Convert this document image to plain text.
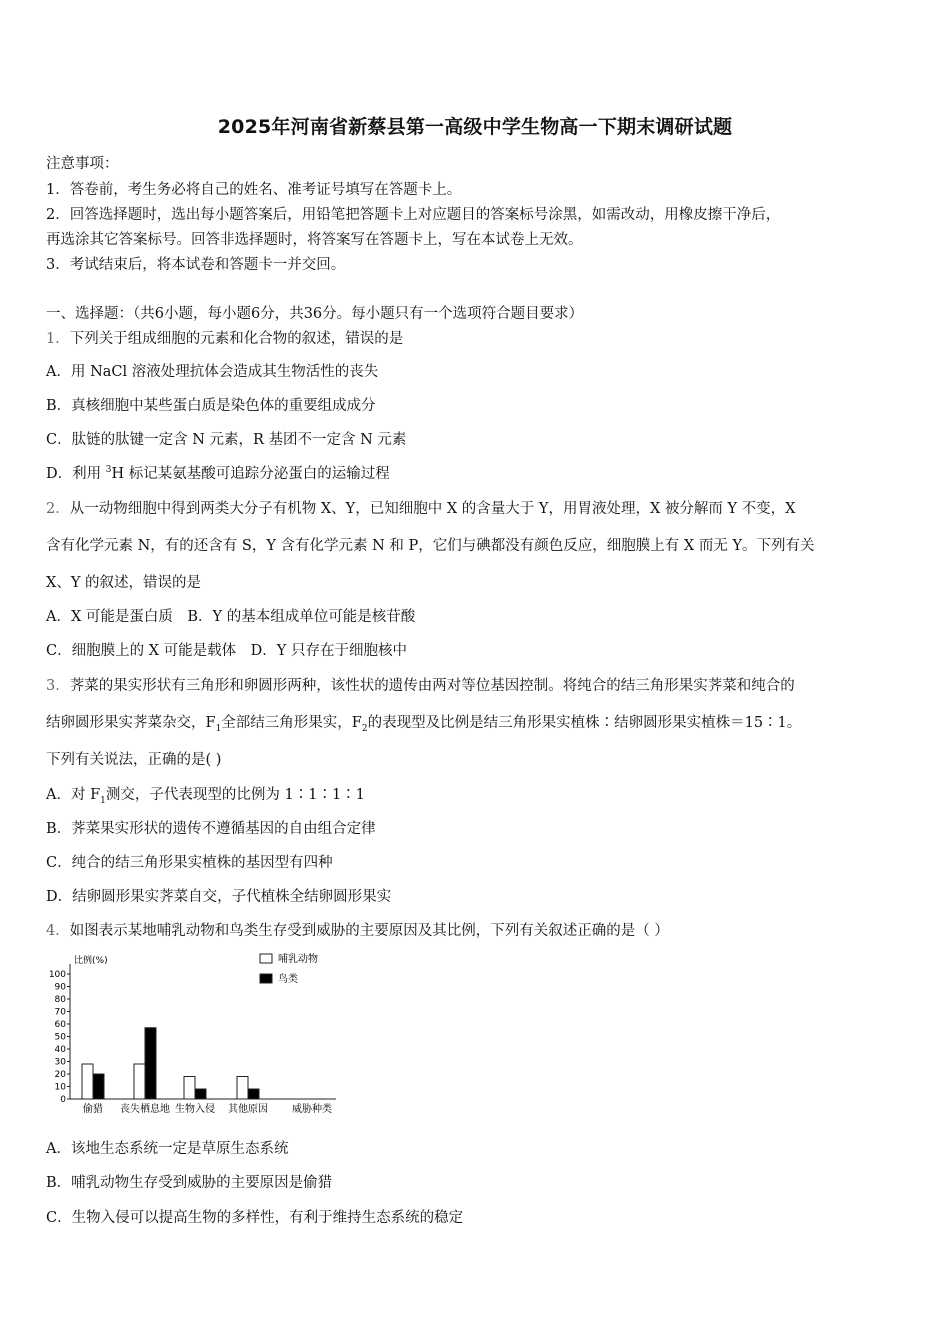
2025年河南省新蔡县第一高级中学生物高一下期末调研试题
注意事项：
1．答卷前，考生务必将自己的姓名、准考证号填写在答题卡上。
2．回答选择题时，选出每小题答案后，用铅笔把答题卡上对应题目的答案标号涂黑，如需改动，用橡皮擦干净后，
再选涂其它答案标号。回答非选择题时，将答案写在答题卡上，写在本试卷上无效。
3．考试结束后，将本试卷和答题卡一并交回。
一、选择题：（共6小题，每小题6分，共36分。每小题只有一个选项符合题目要求）
1．下列关于组成细胞的元素和化合物的叙述，错误的是
A．用 NaCl 溶液处理抗体会造成其生物活性的丧失
B．真核细胞中某些蛋白质是染色体的重要组成成分
C．肽链的肽键一定含 N 元素，R 基团不一定含 N 元素
D．利用 $^3$H 标记某氨基酸可追踪分泌蛋白的运输过程
2．从一动物细胞中得到两类大分子有机物 X、Y，已知细胞中 X 的含量大于 Y，用胃液处理，X 被分解而 Y 不变，X
含有化学元素 N，有的还含有 S，Y 含有化学元素 N 和 P，它们与碘都没有颜色反应，细胞膜上有 X 而无 Y。下列有关
X、Y 的叙述，错误的是
A．X 可能是蛋白质　B．Y 的基本组成单位可能是核苷酸
C．细胞膜上的 X 可能是载体　D．Y 只存在于细胞核中
3．荠菜的果实形状有三角形和卵圆形两种，该性状的遗传由两对等位基因控制。将纯合的结三角形果实荠菜和纯合的
结卵圆形果实荠菜杂交，$F_1$全部结三角形果实，$F_2$的表现型及比例是结三角形果实植株∶结卵圆形果实植株＝15∶1。
下列有关说法，正确的是( )
A．对 $F_1$测交，子代表现型的比例为 1∶1∶1∶1
B．荠菜果实形状的遗传不遵循基因的自由组合定律
C．纯合的结三角形果实植株的基因型有四种
D．结卵圆形果实荠菜自交，子代植株全结卵圆形果实
4．如图表示某地哺乳动物和鸟类生存受到威胁的主要原因及其比例，下列有关叙述正确的是（ ）
比例(%)
0
10
20
30
40
50
60
70
80
90
100
偷猎 丧失栖息地 生物入侵 其他原因 威胁种类
哺乳动物
鸟类
A．该地生态系统一定是草原生态系统
B．哺乳动物生存受到威胁的主要原因是偷猎
C．生物入侵可以提高生物的多样性，有利于维持生态系统的稳定
